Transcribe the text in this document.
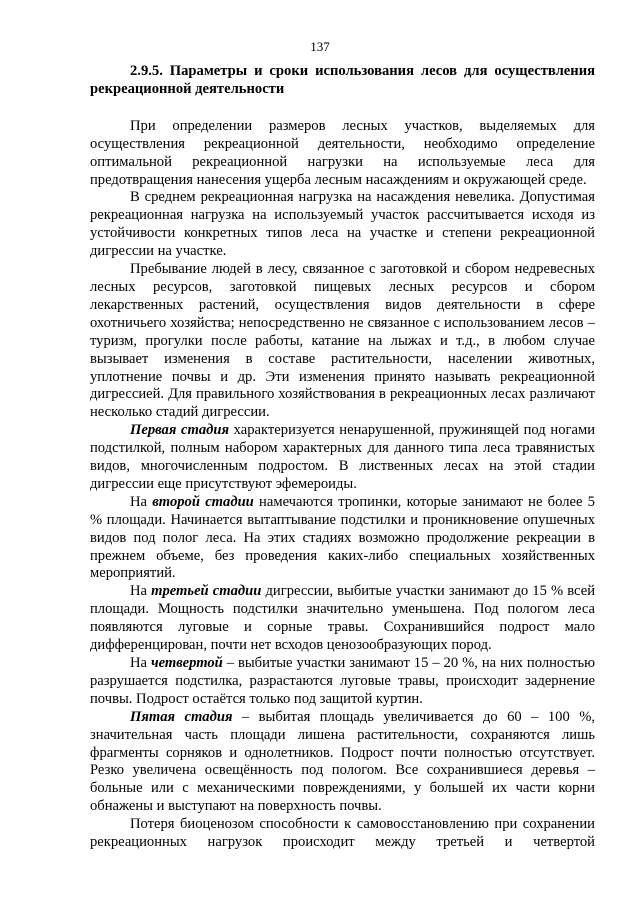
137

2.9.5. Параметры и сроки использования лесов для осуществления рекреационной деятельности

При определении размеров лесных участков, выделяемых для осуществления рекреационной деятельности, необходимо определение оптимальной рекреационной нагрузки на используемые леса для предотвращения нанесения ущерба лесным насаждениям и окружающей среде.

В среднем рекреационная нагрузка на насаждения невелика. Допустимая рекреационная нагрузка на используемый участок рассчитывается исходя из устойчивости конкретных типов леса на участке и степени рекреационной дигрессии на участке.

Пребывание людей в лесу, связанное с заготовкой и сбором недревесных лесных ресурсов, заготовкой пищевых лесных ресурсов и сбором лекарственных растений, осуществления видов деятельности в сфере охотничьего хозяйства; непосредственно не связанное с использованием лесов – туризм, прогулки после работы, катание на лыжах и т.д., в любом случае вызывает изменения в составе растительности, населении животных, уплотнение почвы и др. Эти изменения принято называть рекреационной дигрессией. Для правильного хозяйствования в рекреационных лесах различают несколько стадий дигрессии.

Первая стадия характеризуется ненарушенной, пружинящей под ногами подстилкой, полным набором характерных для данного типа леса травянистых видов, многочисленным подростом. В лиственных лесах на этой стадии дигрессии еще присутствуют эфемероиды.

На второй стадии намечаются тропинки, которые занимают не более 5 % площади. Начинается вытаптывание подстилки и проникновение опушечных видов под полог леса. На этих стадиях возможно продолжение рекреации в прежнем объеме, без проведения каких-либо специальных хозяйственных мероприятий.

На третьей стадии дигрессии, выбитые участки занимают до 15 % всей площади. Мощность подстилки значительно уменьшена. Под пологом леса появляются луговые и сорные травы. Сохранившийся подрост мало дифференцирован, почти нет всходов ценозообразующих пород.

На четвертой – выбитые участки занимают 15 – 20 %, на них полностью разрушается подстилка, разрастаются луговые травы, происходит задернение почвы. Подрост остаётся только под защитой куртин.

Пятая стадия – выбитая площадь увеличивается до 60 – 100 %, значительная часть площади лишена растительности, сохраняются лишь фрагменты сорняков и однолетников. Подрост почти полностью отсутствует. Резко увеличена освещённость под пологом. Все сохранившиеся деревья – больные или с механическими повреждениями, у большей их части корни обнажены и выступают на поверхность почвы.

Потеря биоценозом способности к самовосстановлению при сохранении рекреационных нагрузок происходит между третьей и четвертой
